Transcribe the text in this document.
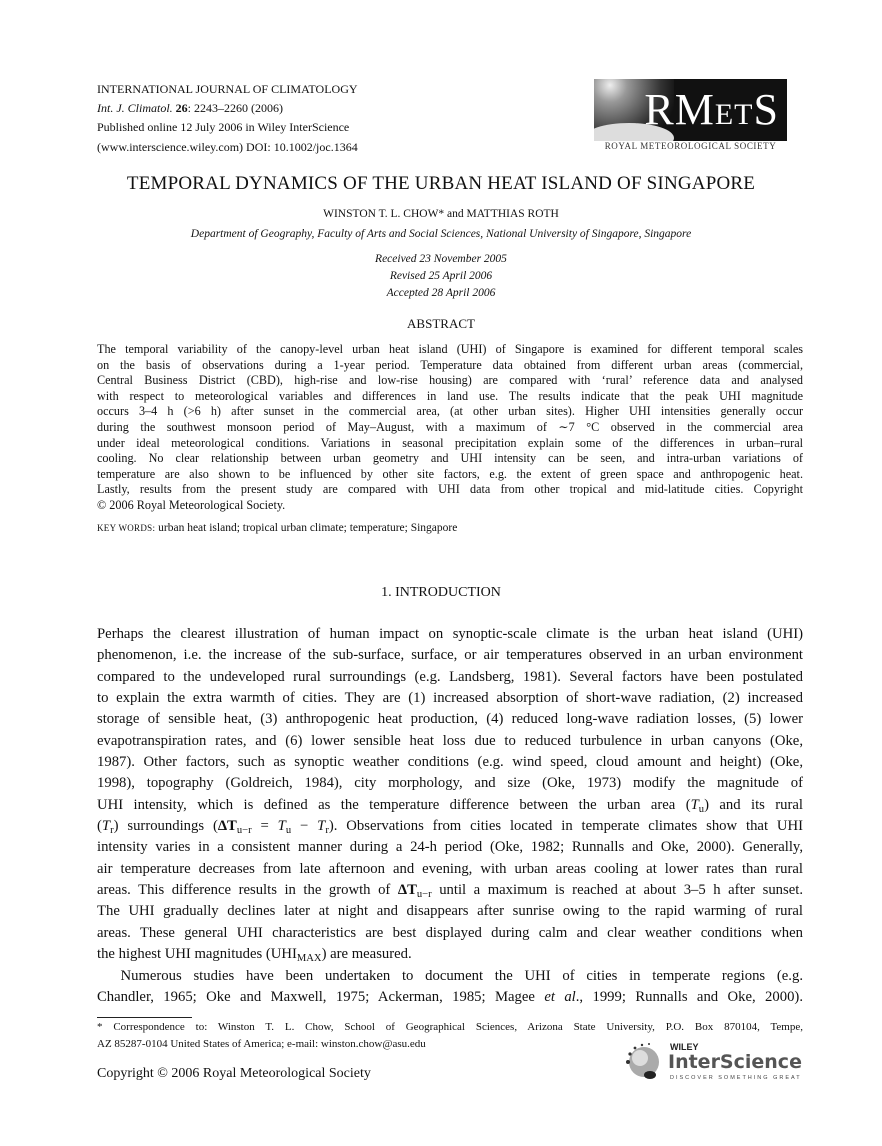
INTERNATIONAL JOURNAL OF CLIMATOLOGY
Int. J. Climatol. 26: 2243–2260 (2006)
Published online 12 July 2006 in Wiley InterScience
(www.interscience.wiley.com) DOI: 10.1002/joc.1364
RMETS
ROYAL METEOROLOGICAL SOCIETY
TEMPORAL DYNAMICS OF THE URBAN HEAT ISLAND OF SINGAPORE
WINSTON T. L. CHOW* and MATTHIAS ROTH
Department of Geography, Faculty of Arts and Social Sciences, National University of Singapore, Singapore
Received 23 November 2005
Revised 25 April 2006
Accepted 28 April 2006
ABSTRACT
The temporal variability of the canopy-level urban heat island (UHI) of Singapore is examined for different temporal scales
on the basis of observations during a 1-year period. Temperature data obtained from different urban areas (commercial,
Central Business District (CBD), high-rise and low-rise housing) are compared with ‘rural’ reference data and analysed
with respect to meteorological variables and differences in land use. The results indicate that the peak UHI magnitude
occurs 3–4 h (>6 h) after sunset in the commercial area, (at other urban sites). Higher UHI intensities generally occur
during the southwest monsoon period of May–August, with a maximum of ∼7 °C observed in the commercial area
under ideal meteorological conditions. Variations in seasonal precipitation explain some of the differences in urban–rural
cooling. No clear relationship between urban geometry and UHI intensity can be seen, and intra-urban variations of
temperature are also shown to be influenced by other site factors, e.g. the extent of green space and anthropogenic heat.
Lastly, results from the present study are compared with UHI data from other tropical and mid-latitude cities. Copyright
© 2006 Royal Meteorological Society.
KEY WORDS: urban heat island; tropical urban climate; temperature; Singapore
1. INTRODUCTION
Perhaps the clearest illustration of human impact on synoptic-scale climate is the urban heat island (UHI)
phenomenon, i.e. the increase of the sub-surface, surface, or air temperatures observed in an urban environment
compared to the undeveloped rural surroundings (e.g. Landsberg, 1981). Several factors have been postulated
to explain the extra warmth of cities. They are (1) increased absorption of short-wave radiation, (2) increased
storage of sensible heat, (3) anthropogenic heat production, (4) reduced long-wave radiation losses, (5) lower
evapotranspiration rates, and (6) lower sensible heat loss due to reduced turbulence in urban canyons (Oke,
1987). Other factors, such as synoptic weather conditions (e.g. wind speed, cloud amount and height) (Oke,
1998), topography (Goldreich, 1984), city morphology, and size (Oke, 1973) modify the magnitude of
UHI intensity, which is defined as the temperature difference between the urban area $(T_u)$ and its rural
$(T_r)$ surroundings $(\Delta T_{u-r} = T_u - T_r)$. Observations from cities located in temperate climates show that UHI
intensity varies in a consistent manner during a 24-h period (Oke, 1982; Runnalls and Oke, 2000). Generally,
air temperature decreases from late afternoon and evening, with urban areas cooling at lower rates than rural
areas. This difference results in the growth of $\Delta T_{u-r}$ until a maximum is reached at about 3–5 h after sunset.
The UHI gradually declines later at night and disappears after sunrise owing to the rapid warming of rural
areas. These general UHI characteristics are best displayed during calm and clear weather conditions when
the highest UHI magnitudes $(UHI_{MAX})$ are measured.
Numerous studies have been undertaken to document the UHI of cities in temperate regions (e.g.
Chandler, 1965; Oke and Maxwell, 1975; Ackerman, 1985; Magee et al., 1999; Runnalls and Oke, 2000).
* Correspondence to: Winston T. L. Chow, School of Geographical Sciences, Arizona State University, P.O. Box 870104, Tempe,
AZ 85287-0104 United States of America; e-mail: winston.chow@asu.edu
Copyright © 2006 Royal Meteorological Society
WILEY
InterScience
DISCOVER SOMETHING GREAT
